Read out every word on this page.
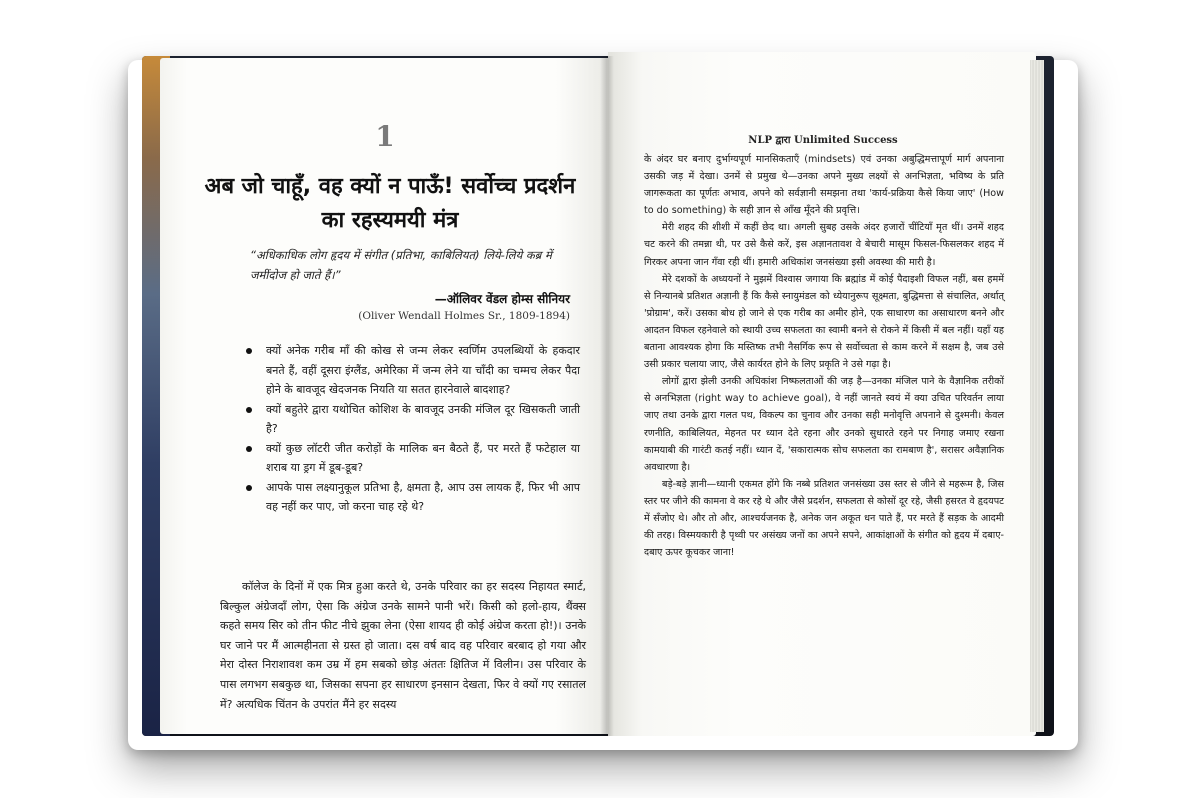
1
अब जो चाहूँ, वह क्यों न पाऊँ! सर्वोच्च प्रदर्शन का रहस्यमयी मंत्र
“अधिकाधिक लोग हृदय में संगीत (प्रतिभा, काबिलियत) लिये-लिये कब्र में जमींदोज हो जाते हैं।”
—ऑलिवर वेंडल होम्स सीनियर
(Oliver Wendall Holmes Sr., 1809-1894)
क्यों अनेक गरीब माँ की कोख से जन्म लेकर स्वर्णिम उपलब्धियों के हकदार बनते हैं, वहीं दूसरा इंग्लैंड, अमेरिका में जन्म लेने या चाँदी का चम्मच लेकर पैदा होने के बावजूद खेदजनक नियति या सतत हारनेवाले बादशाह?
क्यों बहुतेरे द्वारा यथोचित कोशिश के बावजूद उनकी मंजिल दूर खिसकती जाती है?
क्यों कुछ लॉटरी जीत करोड़ों के मालिक बन बैठते हैं, पर मरते हैं फटेहाल या शराब या ड्रग में डूब-डूब?
आपके पास लक्ष्यानुकूल प्रतिभा है, क्षमता है, आप उस लायक हैं, फिर भी आप वह नहीं कर पाए, जो करना चाह रहे थे?

कॉलेज के दिनों में एक मित्र हुआ करते थे, उनके परिवार का हर सदस्य निहायत स्मार्ट, बिल्कुल अंग्रेजदाँ लोग, ऐसा कि अंग्रेज उनके सामने पानी भरें। किसी को हलो-हाय, थैंक्स कहते समय सिर को तीन फीट नीचे झुका लेना (ऐसा शायद ही कोई अंग्रेज करता हो!)। उनके घर जाने पर मैं आत्महीनता से ग्रस्त हो जाता। दस वर्ष बाद वह परिवार बरबाद हो गया और मेरा दोस्त निराशावश कम उम्र में हम सबको छोड़ अंततः क्षितिज में विलीन। उस परिवार के पास लगभग सबकुछ था, जिसका सपना हर साधारण इनसान देखता, फिर वे क्यों गए रसातल में? अत्यधिक चिंतन के उपरांत मैंने हर सदस्य

NLP द्वारा Unlimited Success

के अंदर घर बनाए दुर्भाग्यपूर्ण मानसिकताएँ (mindsets) एवं उनका अबुद्धिमत्तापूर्ण मार्ग अपनाना उसकी जड़ में देखा। उनमें से प्रमुख थे—उनका अपने मुख्य लक्ष्यों से अनभिज्ञता, भविष्य के प्रति जागरूकता का पूर्णतः अभाव, अपने को सर्वज्ञानी समझना तथा 'कार्य-प्रक्रिया कैसे किया जाए' (How to do something) के सही ज्ञान से आँख मूँदने की प्रवृत्ति।

मेरी शहद की शीशी में कहीं छेद था। अगली सुबह उसके अंदर हजारों चींटियाँ मृत थीं। उनमें शहद चट करने की तमन्ना थी, पर उसे कैसे करें, इस अज्ञानतावश वे बेचारी मासूम फिसल-फिसलकर शहद में गिरकर अपना जान गँवा रही थीं। हमारी अधिकांश जनसंख्या इसी अवस्था की मारी है।

मेरे दशकों के अध्ययनों ने मुझमें विश्वास जगाया कि ब्रह्मांड में कोई पैदाइशी विफल नहीं, बस हममें से निन्यानबे प्रतिशत अज्ञानी हैं कि कैसे स्नायुमंडल को ध्येयानुरूप सूक्ष्मता, बुद्धिमत्ता से संचालित, अर्थात् 'प्रोग्राम', करें। उसका बोध हो जाने से एक गरीब का अमीर होने, एक साधारण का असाधारण बनने और आदतन विफल रहनेवाले को स्थायी उच्च सफलता का स्वामी बनने से रोकने में किसी में बल नहीं। यहाँ यह बताना आवश्यक होगा कि मस्तिष्क तभी नैसर्गिक रूप से सर्वोच्चता से काम करने में सक्षम है, जब उसे उसी प्रकार चलाया जाए, जैसे कार्यरत होने के लिए प्रकृति ने उसे गढ़ा है।

लोगों द्वारा झेली उनकी अधिकांश निष्फलताओं की जड़ है—उनका मंजिल पाने के वैज्ञानिक तरीकों से अनभिज्ञता (right way to achieve goal), वे नहीं जानते स्वयं में क्या उचित परिवर्तन लाया जाए तथा उनके द्वारा गलत पथ, विकल्प का चुनाव और उनका सही मनोवृत्ति अपनाने से दुश्मनी। केवल रणनीति, काबिलियत, मेहनत पर ध्यान देते रहना और उनको सुधारते रहने पर निगाह जमाए रखना कामयाबी की गारंटी कतई नहीं। ध्यान दें, 'सकारात्मक सोच सफलता का रामबाण है', सरासर अवैज्ञानिक अवधारणा है।

बड़े-बड़े ज्ञानी—ध्यानी एकमत होंगे कि नब्बे प्रतिशत जनसंख्या उस स्तर से जीने से महरूम है, जिस स्तर पर जीने की कामना वे कर रहे थे और जैसे प्रदर्शन, सफलता से कोसों दूर रहे, जैसी हसरत वे हृदयपट में सँजोए थे। और तो और, आश्चर्यजनक है, अनेक जन अकूत धन पाते हैं, पर मरते हैं सड़क के आदमी की तरह। विस्मयकारी है पृथ्वी पर असंख्य जनों का अपने सपने, आकांक्षाओं के संगीत को हृदय में दबाए-दबाए ऊपर कूचकर जाना!
